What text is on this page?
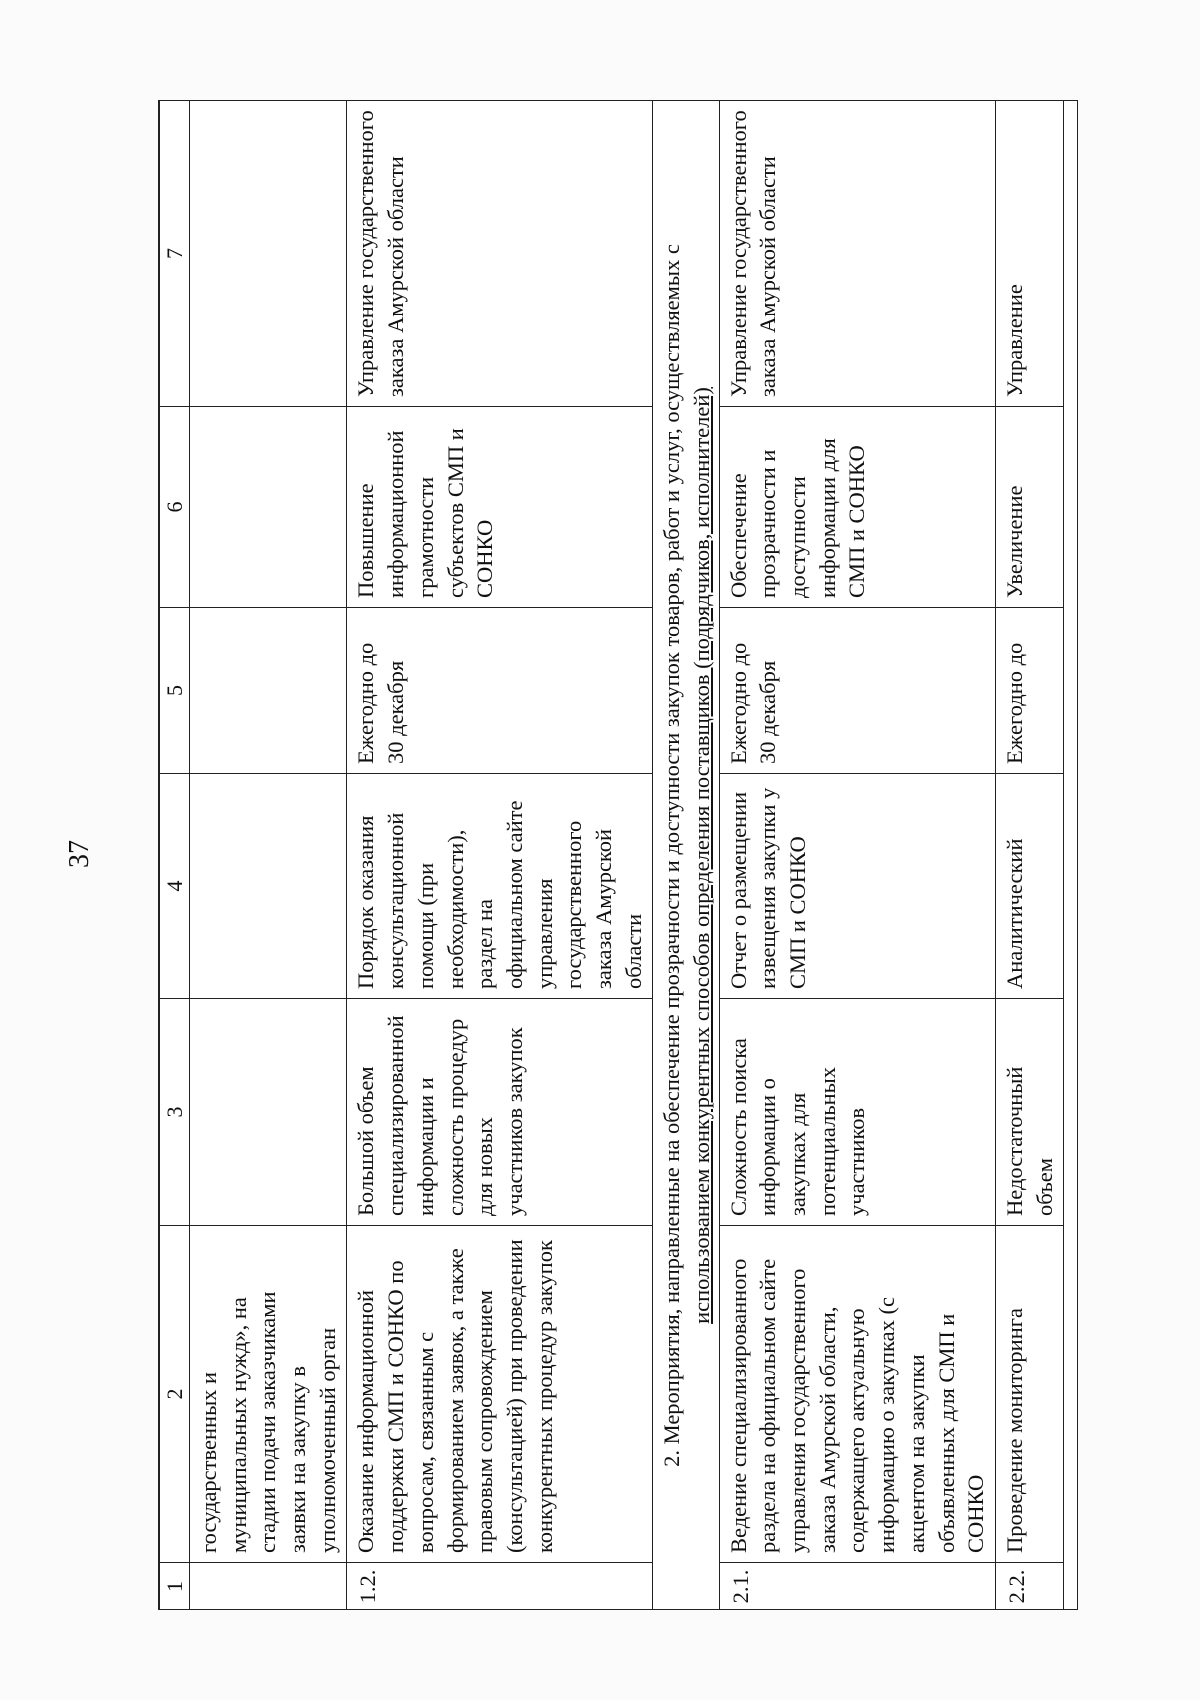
37
1	2	3	4	5	6	7
	государственных и муниципальных нужд», на стадии подачи заказчиками заявки на закупку в уполномоченный орган					
1.2.	Оказание информационной поддержки СМП и СОНКО по вопросам, связанным с формированием заявок, а также правовым сопровождением (консультацией) при проведении конкурентных процедур закупок	Большой объем специализированной информации и сложность процедур для новых участников закупок	Порядок оказания консультационной помощи (при необходимости), раздел на официальном сайте управления государственного заказа Амурской области	Ежегодно до 30 декабря	Повышение информационной грамотности субъектов СМП и СОНКО	Управление государственного заказа Амурской области
2. Мероприятия, направленные на обеспечение прозрачности и доступности закупок товаров, работ и услуг, осуществляемых с использованием конкурентных способов определения поставщиков (подрядчиков, исполнителей)						
2.1.	Ведение специализированного раздела на официальном сайте управления государственного заказа Амурской области, содержащего актуальную информацию о закупках (с акцентом на закупки объявленных для СМП и СОНКО	Сложность поиска информации о закупках для потенциальных участников	Отчет о размещении извещения закупки у СМП и СОНКО	Ежегодно до 30 декабря	Обеспечение прозрачности и доступности информации для СМП и СОНКО	Управление государственного заказа Амурской области
2.2.	Проведение мониторинга	Недостаточный объем	Аналитический	Ежегодно до	Увеличение	Управление
